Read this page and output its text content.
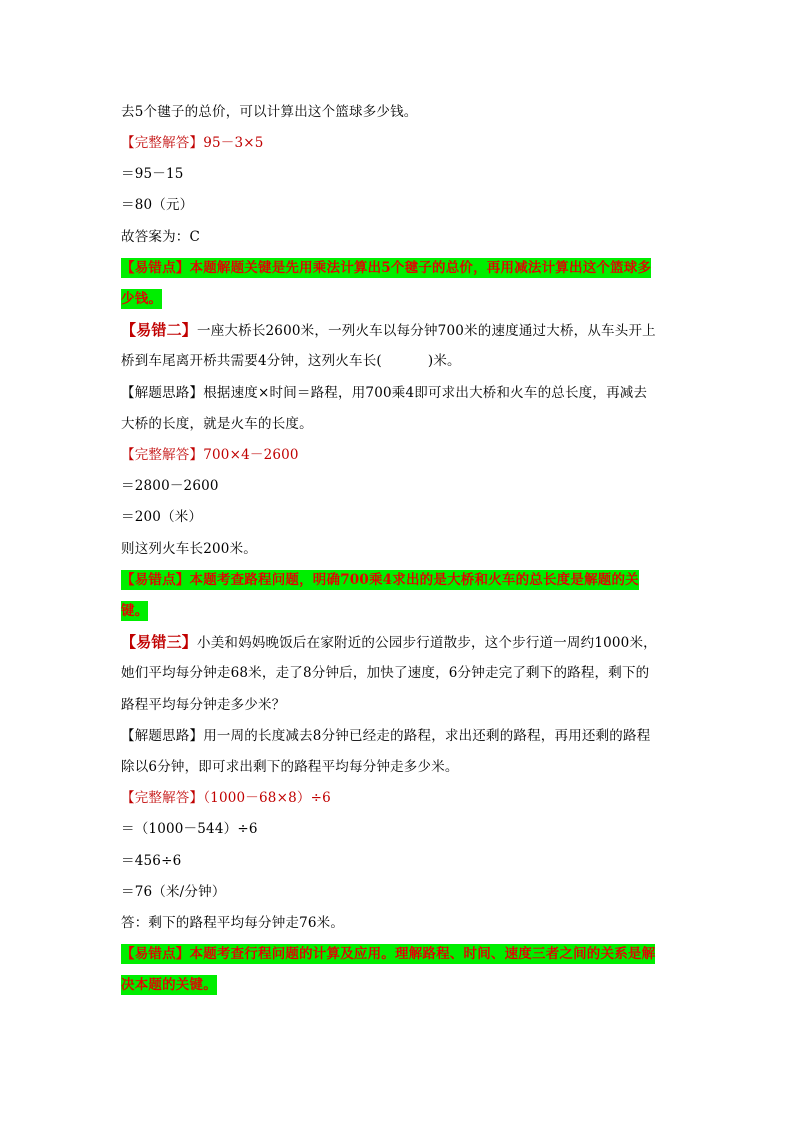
去5个毽子的总价，可以计算出这个篮球多少钱。
【完整解答】95－3×5
＝95－15
＝80（元）
故答案为：C
【易错点】本题解题关键是先用乘法计算出5个毽子的总价，再用减法计算出这个篮球多
少钱。
【易错二】一座大桥长2600米，一列火车以每分钟700米的速度通过大桥，从车头开上
桥到车尾离开桥共需要4分钟，这列火车长(	)米。
【解题思路】根据速度×时间＝路程，用700乘4即可求出大桥和火车的总长度，再减去
大桥的长度，就是火车的长度。
【完整解答】700×4－2600
＝2800－2600
＝200（米）
则这列火车长200米。
【易错点】本题考查路程问题，明确700乘4求出的是大桥和火车的总长度是解题的关
键。
【易错三】小美和妈妈晚饭后在家附近的公园步行道散步，这个步行道一周约1000米，
她们平均每分钟走68米，走了8分钟后，加快了速度，6分钟走完了剩下的路程，剩下的
路程平均每分钟走多少米？
【解题思路】用一周的长度减去8分钟已经走的路程，求出还剩的路程，再用还剩的路程
除以6分钟，即可求出剩下的路程平均每分钟走多少米。
【完整解答】（1000－68×8）÷6
＝（1000－544）÷6
＝456÷6
＝76（米/分钟）
答：剩下的路程平均每分钟走76米。
【易错点】本题考查行程问题的计算及应用。理解路程、时间、速度三者之间的关系是解
决本题的关键。
